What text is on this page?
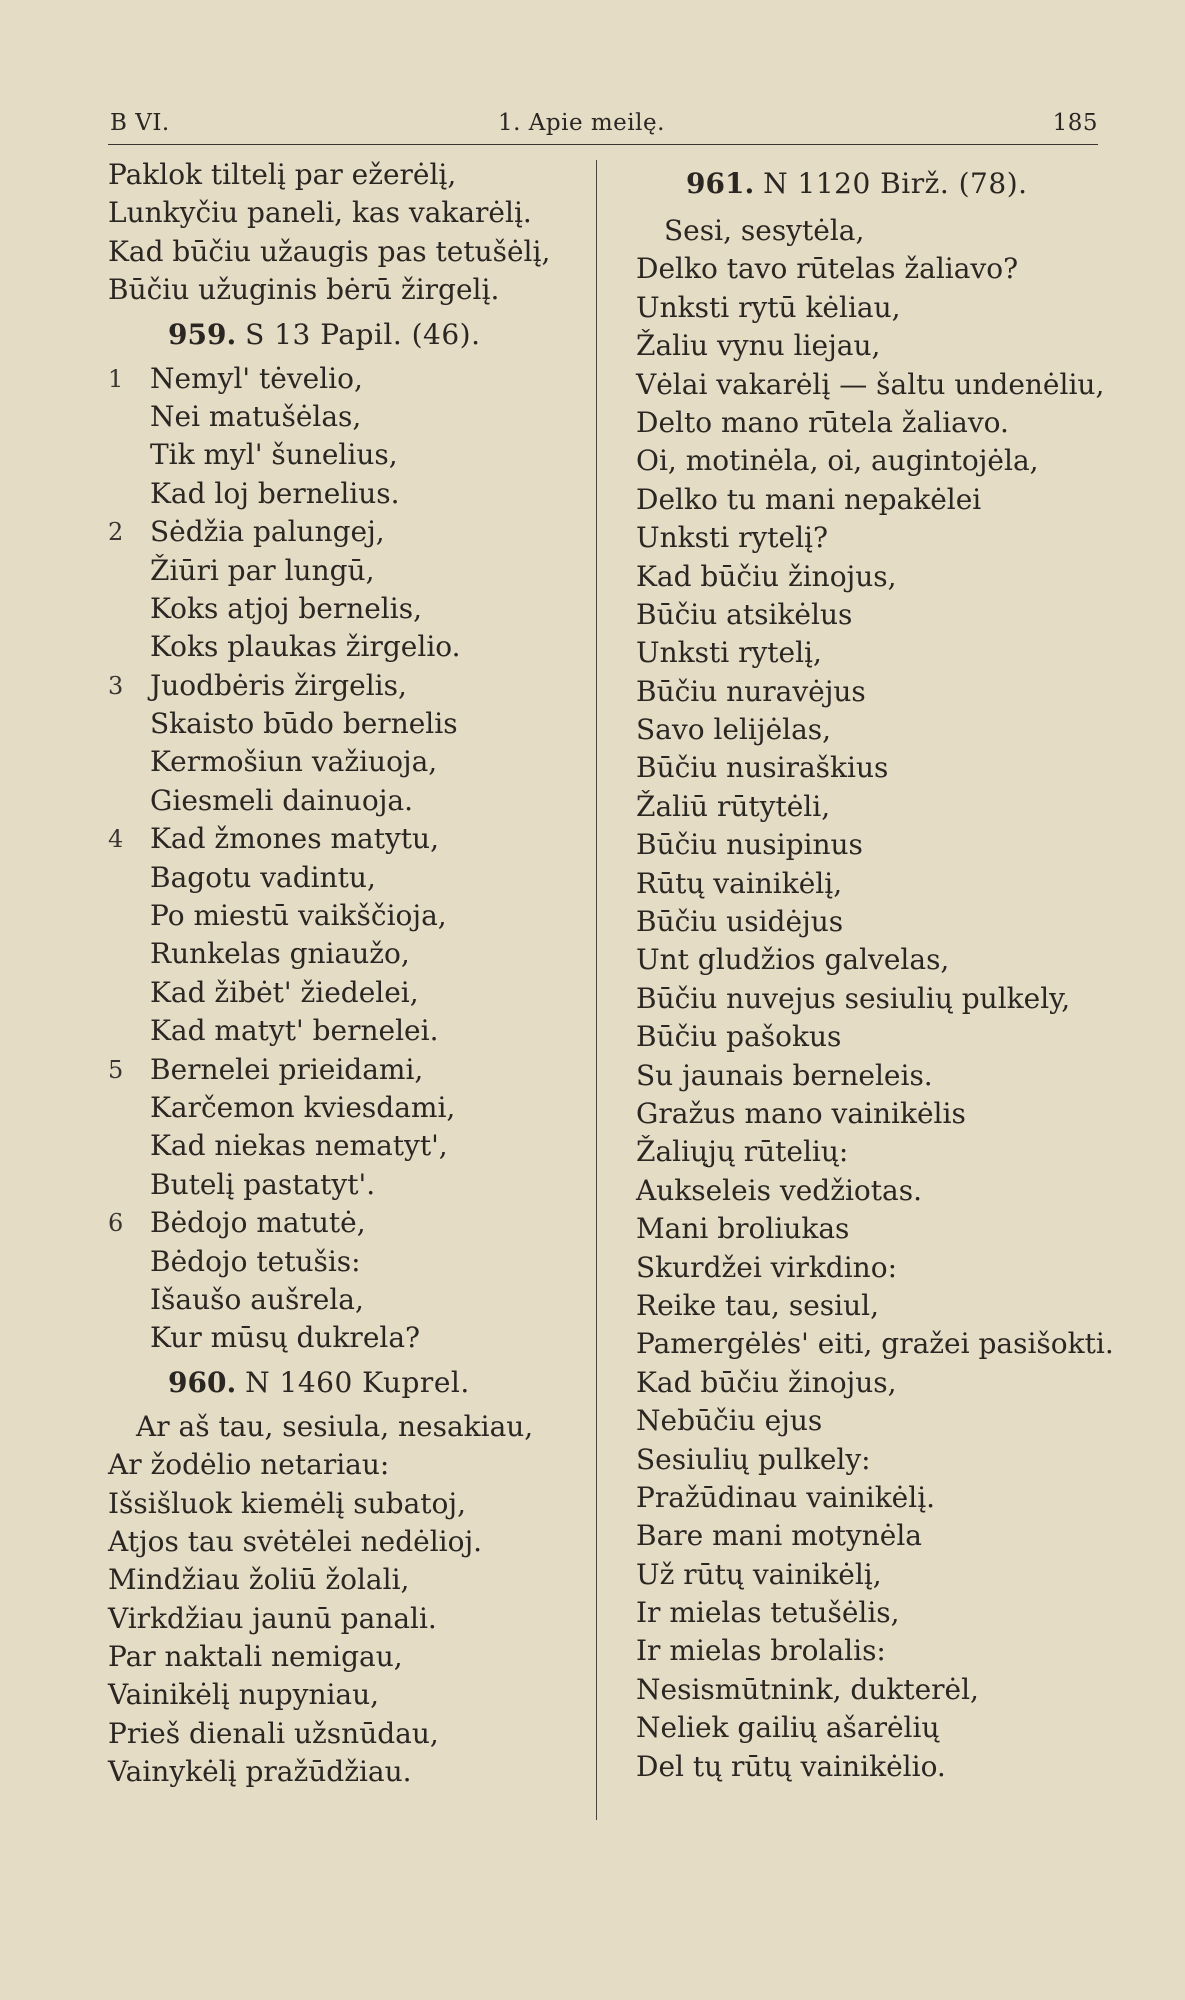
B VI.	1. Apie meilę.	185
Paklok tiltelį par ežerėlį,
Lunkyčiu paneli, kas vakarėlį.
Kad būčiu užaugis pas tetušėlį,
Būčiu užuginis bėrū žirgelį.
959. S 13 Papil. (46).
1 Nemyl' tėvelio,
Nei matušėlas,
Tik myl' šunelius,
Kad loj bernelius.
2 Sėdžia palungej,
Žiūri par lungū,
Koks atjoj bernelis,
Koks plaukas žirgelio.
3 Juodbėris žirgelis,
Skaisto būdo bernelis
Kermošiun važiuoja,
Giesmeli dainuoja.
4 Kad žmones matytu,
Bagotu vadintu,
Po miestū vaikščioja,
Runkelas gniaužo,
Kad žibėt' žiedelei,
Kad matyt' bernelei.
5 Bernelei prieidami,
Karčemon kviesdami,
Kad niekas nematyt',
Butelį pastatyt'.
6 Bėdojo matutė,
Bėdojo tetušis:
Išaušo aušrela,
Kur mūsų dukrela?
960. N 1460 Kuprel.
Ar aš tau, sesiula, nesakiau,
Ar žodėlio netariau:
Išsišluok kiemėlį subatoj,
Atjos tau svėtėlei nedėlioj.
Mindžiau žoliū žolali,
Virkdžiau jaunū panali.
Par naktali nemigau,
Vainikėlį nupyniau,
Prieš dienali užsnūdau,
Vainykėlį pražūdžiau.
961. N 1120 Birž. (78).
Sesi, sesytėla,
Delko tavo rūtelas žaliavo?
Unksti rytū kėliau,
Žaliu vynu liejau,
Vėlai vakarėlį — šaltu undenėliu,
Delto mano rūtela žaliavo.
Oi, motinėla, oi, augintojėla,
Delko tu mani nepakėlei
Unksti rytelį?
Kad būčiu žinojus,
Būčiu atsikėlus
Unksti rytelį,
Būčiu nuravėjus
Savo lelijėlas,
Būčiu nusiraškius
Žaliū rūtytėli,
Būčiu nusipinus
Rūtų vainikėlį,
Būčiu usidėjus
Unt gludžios galvelas,
Būčiu nuvejus sesiulių pulkely,
Būčiu pašokus
Su jaunais berneleis.
Gražus mano vainikėlis
Žaliųjų rūtelių:
Aukseleis vedžiotas.
Mani broliukas
Skurdžei virkdino:
Reike tau, sesiul,
Pamergėlės' eiti, gražei pasišokti.
Kad būčiu žinojus,
Nebūčiu ejus
Sesiulių pulkely:
Pražūdinau vainikėlį.
Bare mani motynėla
Už rūtų vainikėlį,
Ir mielas tetušėlis,
Ir mielas brolalis:
Nesismūtnink, dukterėl,
Neliek gailių ašarėlių
Del tų rūtų vainikėlio.
